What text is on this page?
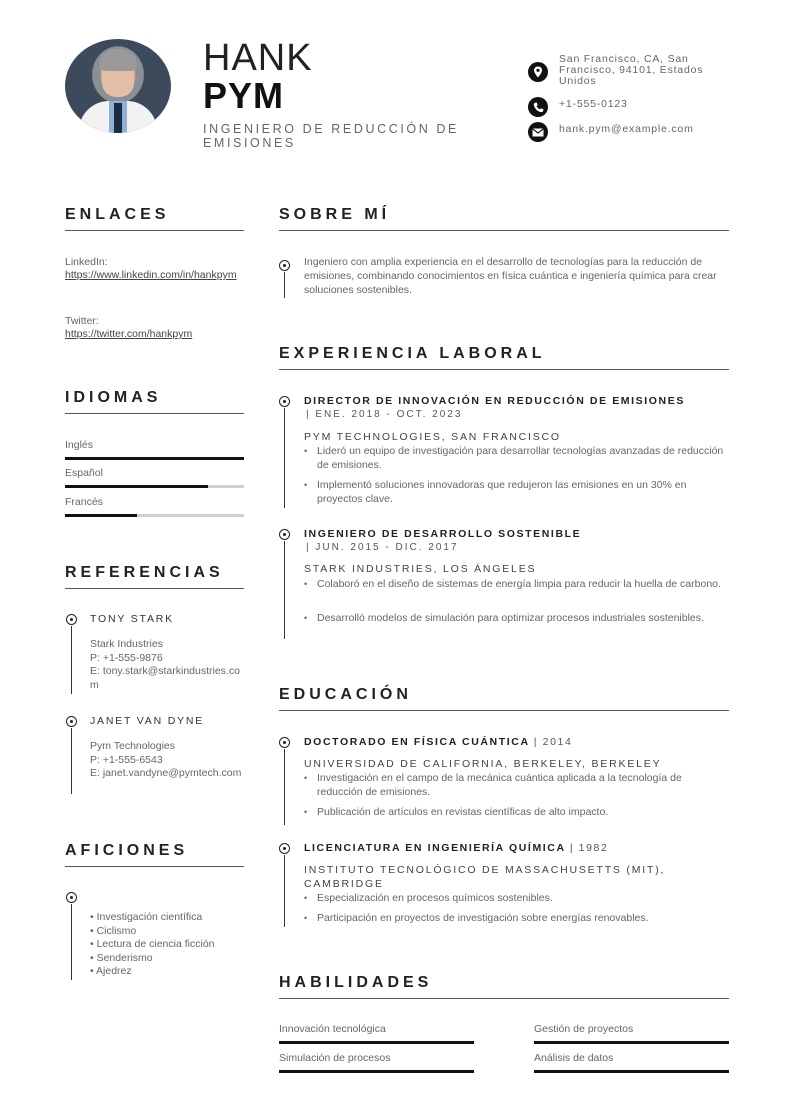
HANK
PYM
INGENIERO DE REDUCCIÓN DE EMISIONES
San Francisco, CA, San Francisco, 94101, Estados Unidos
+1-555-0123
hank.pym@example.com
ENLACES
LinkedIn:
https://www.linkedin.com/in/hankpym
Twitter:
https://twitter.com/hankpym
IDIOMAS
Inglés
Español
Francés
REFERENCIAS
TONY STARK
Stark Industries
P: +1-555-9876
E: tony.stark@starkindustries.com
JANET VAN DYNE
Pym Technologies
P: +1-555-6543
E: janet.vandyne@pymtech.com
AFICIONES
• Investigación científica
• Ciclismo
• Lectura de ciencia ficción
• Senderismo
• Ajedrez
SOBRE MÍ
Ingeniero con amplia experiencia en el desarrollo de tecnologías para la reducción de emisiones, combinando conocimientos en física cuántica e ingeniería química para crear soluciones sostenibles.
EXPERIENCIA LABORAL
DIRECTOR DE INNOVACIÓN EN REDUCCIÓN DE EMISIONES
| ENE. 2018 - OCT. 2023
PYM TECHNOLOGIES, SAN FRANCISCO
• Lideró un equipo de investigación para desarrollar tecnologías avanzadas de reducción de emisiones.
• Implementó soluciones innovadoras que redujeron las emisiones en un 30% en proyectos clave.
INGENIERO DE DESARROLLO SOSTENIBLE
| JUN. 2015 - DIC. 2017
STARK INDUSTRIES, LOS ÁNGELES
• Colaboró en el diseño de sistemas de energía limpia para reducir la huella de carbono.
• Desarrolló modelos de simulación para optimizar procesos industriales sostenibles.
EDUCACIÓN
DOCTORADO EN FÍSICA CUÁNTICA | 2014
UNIVERSIDAD DE CALIFORNIA, BERKELEY, BERKELEY
• Investigación en el campo de la mecánica cuántica aplicada a la tecnología de reducción de emisiones.
• Publicación de artículos en revistas científicas de alto impacto.
LICENCIATURA EN INGENIERÍA QUÍMICA | 1982
INSTITUTO TECNOLÓGICO DE MASSACHUSETTS (MIT), CAMBRIDGE
• Especialización en procesos químicos sostenibles.
• Participación en proyectos de investigación sobre energías renovables.
HABILIDADES
Innovación tecnológica	Gestión de proyectos
Simulación de procesos	Análisis de datos
